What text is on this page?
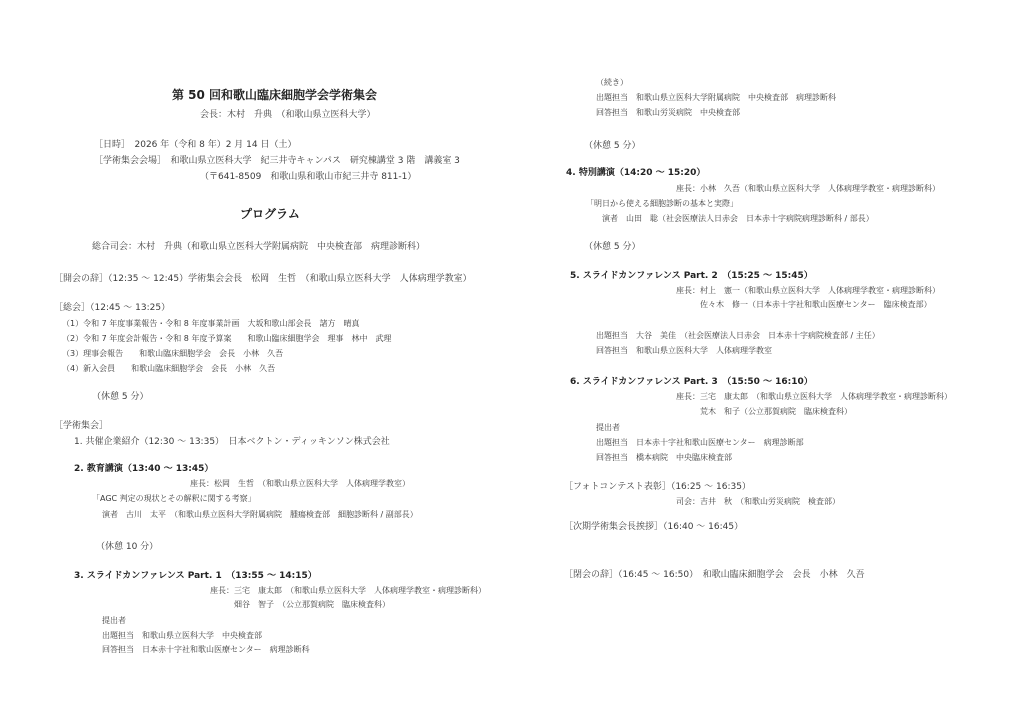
第 50 回和歌山臨床細胞学会学術集会
会長：木村　升典　（和歌山県立医科大学）
［日時］　2026 年（令和 8 年）2 月 14 日（土）
［学術集会会場］　和歌山県立医科大学　紀三井寺キャンパス　研究棟講堂 3 階　講義室 3
（〒641-8509　和歌山県和歌山市紀三井寺 811-1）
プログラム
総合司会：木村　升典（和歌山県立医科大学附属病院　中央検査部　病理診断科）
［開会の辞］（12:35 ～ 12:45）学術集会会長　松岡　生哲　（和歌山県立医科大学　人体病理学教室）
［総会］（12:45 ～ 13:25）
（1）令和 7 年度事業報告・令和 8 年度事業計画　大坂和歌山部会長　諸方　晴真
（2）令和 7 年度会計報告・令和 8 年度予算案　　和歌山臨床細胞学会　理事　林中　武理
（3）理事会報告　　和歌山臨床細胞学会　会長　小林　久吾
（4）新入会員　　和歌山臨床細胞学会　会長　小林　久吾
（休憩 5 分）
［学術集会］
1. 共催企業紹介（12:30 ～ 13:35）　日本ベクトン・ディッキンソン株式会社
2. 教育講演（13:40 ～ 13:45）
座長：松岡　生哲　（和歌山県立医科大学　人体病理学教室）
「AGC 判定の現状とその解釈に関する考察」
演者　古川　太平　（和歌山県立医科大学附属病院　腫瘍検査部　細胞診断科 / 副部長）
（休憩 10 分）
3. スライドカンファレンス Part. 1　（13:55 ～ 14:15）
座長：三宅　康太郎　（和歌山県立医科大学　人体病理学教室・病理診断科）
　　　畑谷　智子　（公立那賀病院　臨床検査科）
提出者
出題担当　和歌山県立医科大学　中央検査部
回答担当　日本赤十字社和歌山医療センター　病理診断科
（続き）
出題担当　和歌山県立医科大学附属病院　中央検査部　病理診断科
回答担当　和歌山労災病院　中央検査部
（休憩 5 分）
4. 特別講演（14:20 ～ 15:20）
座長：小林　久吾（和歌山県立医科大学　人体病理学教室・病理診断科）
「明日から使える細胞診断の基本と実際」
　　演者　山田　聡（社会医療法人日赤会　日本赤十字病院病理診断科 / 部長）
（休憩 5 分）
5. スライドカンファレンス Part. 2　（15:25 ～ 15:45）
座長：村上　憲一（和歌山県立医科大学　人体病理学教室・病理診断科）
　　　佐々木　修一（日本赤十字社和歌山医療センター　臨床検査部）
出題担当　大谷　美佳　（社会医療法人日赤会　日本赤十字病院検査部 / 主任）
回答担当　和歌山県立医科大学　人体病理学教室
6. スライドカンファレンス Part. 3　（15:50 ～ 16:10）
座長：三宅　康太郎　（和歌山県立医科大学　人体病理学教室・病理診断科）
　　　荒木　和子（公立那賀病院　臨床検査科）
提出者
出題担当　日本赤十字社和歌山医療センター　病理診断部
回答担当　橋本病院　中央臨床検査部
［フォトコンテスト表彰］（16:25 ～ 16:35）
司会：吉井　秋　（和歌山労災病院　検査部）
［次期学術集会長挨拶］（16:40 ～ 16:45）
［閉会の辞］（16:45 ～ 16:50）　和歌山臨床細胞学会　会長　小林　久吾
